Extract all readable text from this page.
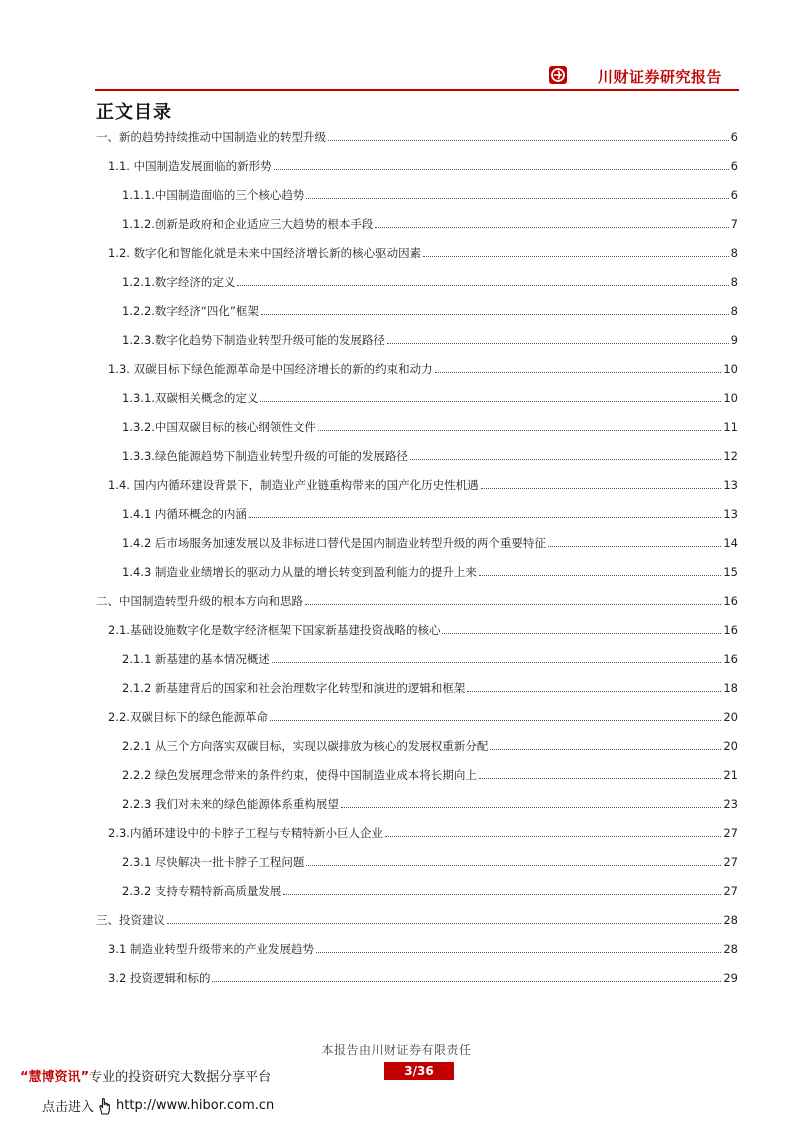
川财证券研究报告
正文目录
一、新的趋势持续推动中国制造业的转型升级	6
1.1. 中国制造发展面临的新形势	6
1.1.1.中国制造面临的三个核心趋势	6
1.1.2.创新是政府和企业适应三大趋势的根本手段	7
1.2. 数字化和智能化就是未来中国经济增长新的核心驱动因素	8
1.2.1.数字经济的定义	8
1.2.2.数字经济“四化”框架	8
1.2.3.数字化趋势下制造业转型升级可能的发展路径	9
1.3. 双碳目标下绿色能源革命是中国经济增长的新的约束和动力	10
1.3.1.双碳相关概念的定义	10
1.3.2.中国双碳目标的核心纲领性文件	11
1.3.3.绿色能源趋势下制造业转型升级的可能的发展路径	12
1.4. 国内内循环建设背景下，制造业产业链重构带来的国产化历史性机遇	13
1.4.1 内循环概念的内涵	13
1.4.2 后市场服务加速发展以及非标进口替代是国内制造业转型升级的两个重要特征	14
1.4.3 制造业业绩增长的驱动力从量的增长转变到盈利能力的提升上来	15
二、中国制造转型升级的根本方向和思路	16
2.1.基础设施数字化是数字经济框架下国家新基建投资战略的核心	16
2.1.1 新基建的基本情况概述	16
2.1.2 新基建背后的国家和社会治理数字化转型和演进的逻辑和框架	18
2.2.双碳目标下的绿色能源革命	20
2.2.1 从三个方向落实双碳目标，实现以碳排放为核心的发展权重新分配	20
2.2.2 绿色发展理念带来的条件约束，使得中国制造业成本将长期向上	21
2.2.3 我们对未来的绿色能源体系重构展望	23
2.3.内循环建设中的卡脖子工程与专精特新小巨人企业	27
2.3.1 尽快解决一批卡脖子工程问题	27
2.3.2 支持专精特新高质量发展	27
三、投资建议	28
3.1 制造业转型升级带来的产业发展趋势	28
3.2 投资逻辑和标的	29
本报告由川财证券有限责任
3/36
“慧博资讯”专业的投资研究大数据分享平台
点击进入 http://www.hibor.com.cn
